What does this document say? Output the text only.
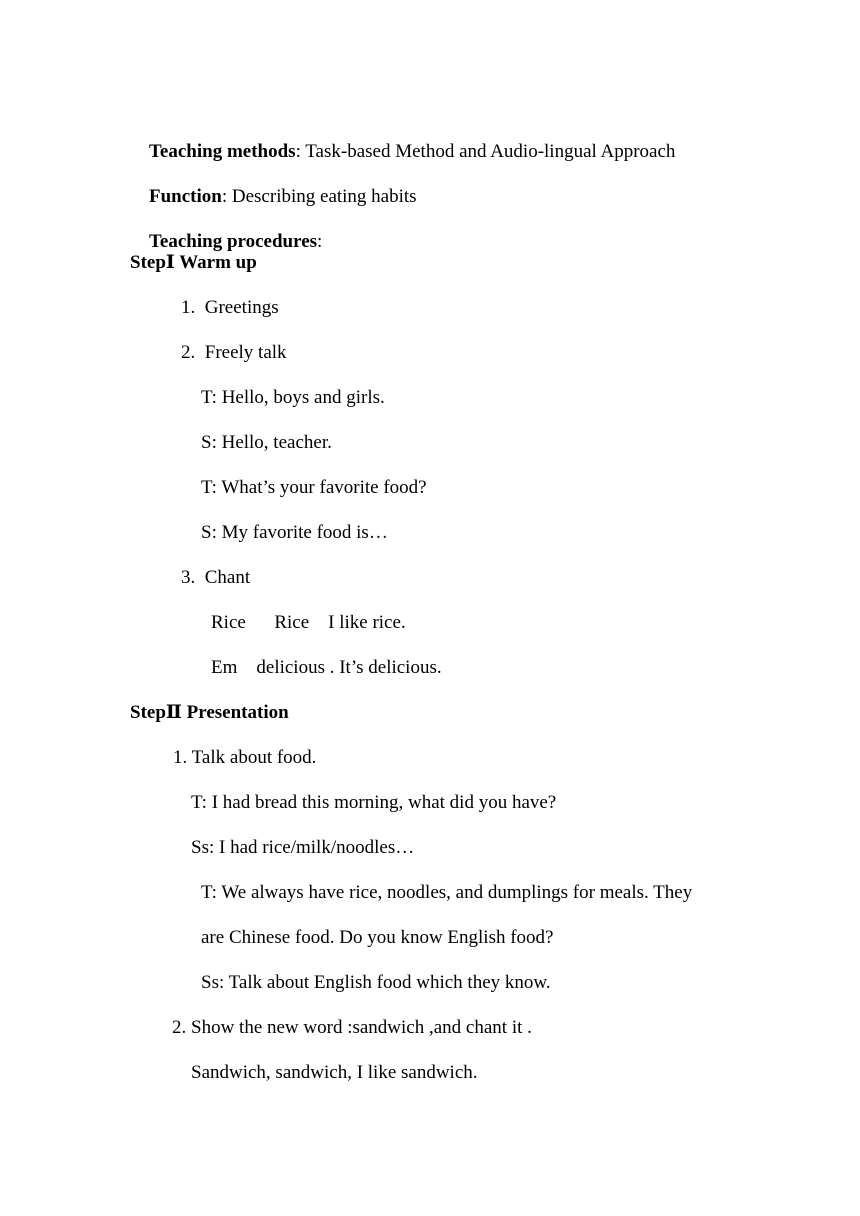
Teaching methods: Task-based Method and Audio-lingual Approach

Function: Describing eating habits

Teaching procedures:

StepⅠ Warm up
1.  Greetings
2.  Freely talk
T: Hello, boys and girls.
S: Hello, teacher.
T: What’s your favorite food?
S: My favorite food is…
3.  Chant
Rice      Rice    I like rice.
Em    delicious . It’s delicious.
StepⅡ Presentation
1. Talk about food.
T: I had bread this morning, what did you have?
Ss: I had rice/milk/noodles…
T: We always have rice, noodles, and dumplings for meals. They
are Chinese food. Do you know English food?
Ss: Talk about English food which they know.
2. Show the new word :sandwich ,and chant it .
Sandwich, sandwich, I like sandwich.
